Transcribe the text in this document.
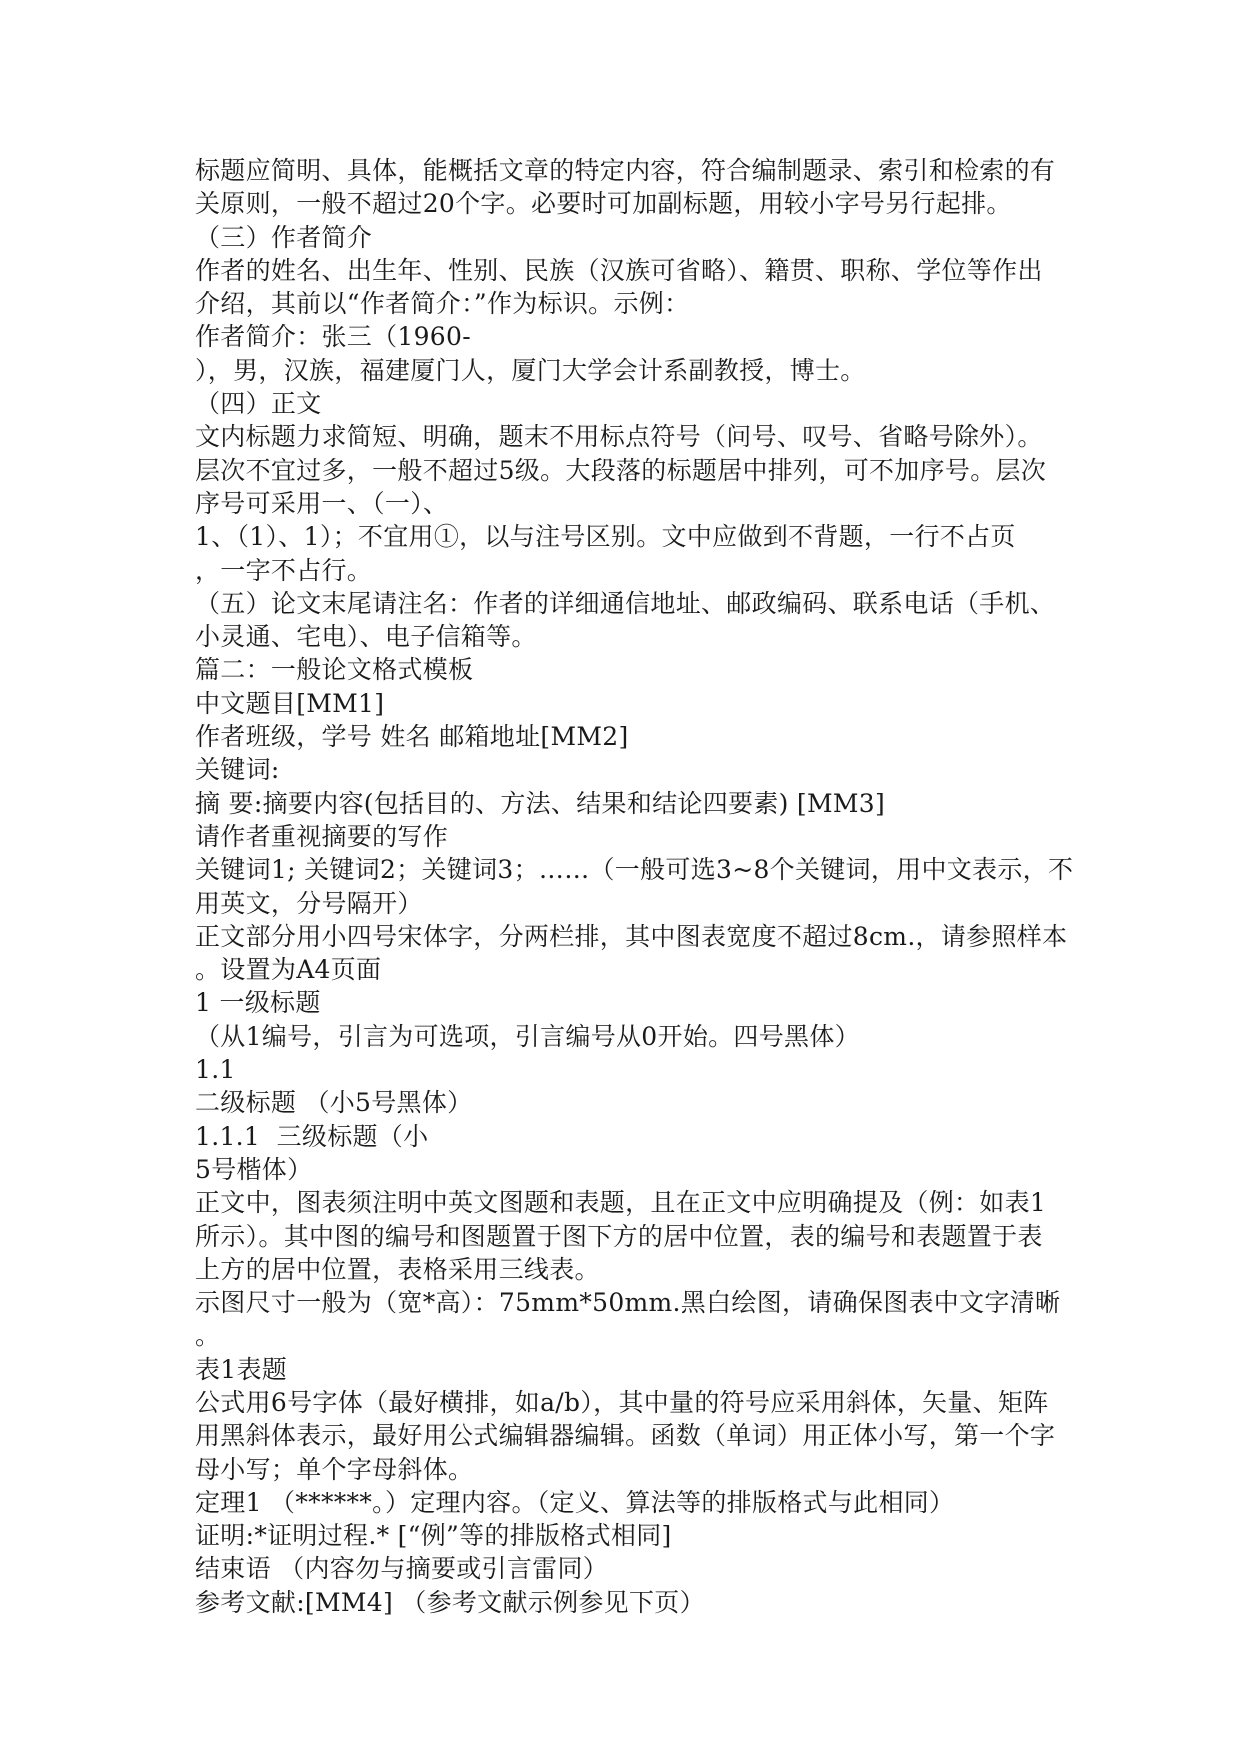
标题应简明、具体，能概括文章的特定内容，符合编制题录、索引和检索的有

关原则，一般不超过20个字。必要时可加副标题，用较小字号另行起排。

（三）作者简介

作者的姓名、出生年、性别、民族（汉族可省略）、籍贯、职称、学位等作出

介绍，其前以“作者简介：”作为标识。示例：

作者简介：张三（1960-

），男，汉族，福建厦门人，厦门大学会计系副教授，博士。

（四）正文

文内标题力求简短、明确，题末不用标点符号（问号、叹号、省略号除外）。

层次不宜过多，一般不超过5级。大段落的标题居中排列，可不加序号。层次

序号可采用一、（一）、

1、（1）、1）；不宜用①，以与注号区别。文中应做到不背题，一行不占页

，一字不占行。

（五）论文末尾请注名：作者的详细通信地址、邮政编码、联系电话（手机、

小灵通、宅电）、电子信箱等。

篇二：一般论文格式模板

中文题目[MM1]

作者班级，学号 姓名 邮箱地址[MM2]

关键词:

摘 要:摘要内容(包括目的、方法、结果和结论四要素) [MM3]

请作者重视摘要的写作

关键词1; 关键词2；关键词3；……（一般可选3~8个关键词，用中文表示，不

用英文，分号隔开）

正文部分用小四号宋体字，分两栏排，其中图表宽度不超过8cm.，请参照样本

。设置为A4页面

1 一级标题

（从1编号，引言为可选项，引言编号从0开始。四号黑体）

1.1

二级标题 （小5号黑体）

1.1.1  三级标题（小

5号楷体）

正文中，图表须注明中英文图题和表题，且在正文中应明确提及（例：如表1

所示）。其中图的编号和图题置于图下方的居中位置，表的编号和表题置于表

上方的居中位置，表格采用三线表。

示图尺寸一般为（宽*高）：75mm*50mm.黑白绘图，请确保图表中文字清晰

。

表1表题

公式用6号字体（最好横排，如a/b），其中量的符号应采用斜体，矢量、矩阵

用黑斜体表示，最好用公式编辑器编辑。函数（单词）用正体小写，第一个字

母小写；单个字母斜体。

定理1 （******。）定理内容。（定义、算法等的排版格式与此相同）

证明:*证明过程.* [“例”等的排版格式相同]

结束语 （内容勿与摘要或引言雷同）

参考文献:[MM4] （参考文献示例参见下页）
